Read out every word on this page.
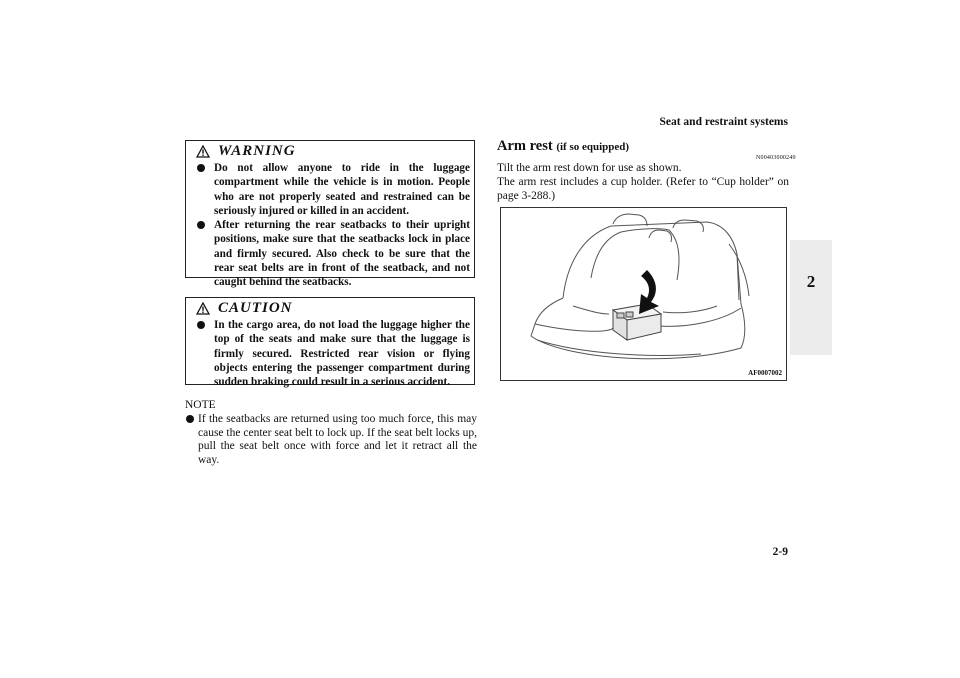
Seat and restraint systems
2
WARNING
Do not allow anyone to ride in the luggage compartment while the vehicle is in motion. People who are not properly seated and restrained can be seriously injured or killed in an accident.
After returning the rear seatbacks to their upright positions, make sure that the seatbacks lock in place and firmly secured. Also check to be sure that the rear seat belts are in front of the seatback, and not caught behind the seatbacks.
CAUTION
In the cargo area, do not load the luggage higher the top of the seats and make sure that the luggage is firmly secured. Restricted rear vision or flying objects entering the passenger compartment during sudden braking could result in a serious accident.
NOTE
If the seatbacks are returned using too much force, this may cause the center seat belt to lock up. If the seat belt locks up, pull the seat belt once with force and let it retract all the way.
Arm rest (if so equipped)
N00403000249

Tilt the arm rest down for use as shown.

The arm rest includes a cup holder. (Refer to “Cup holder” on page 3-288.)

AF0007002
2-9
